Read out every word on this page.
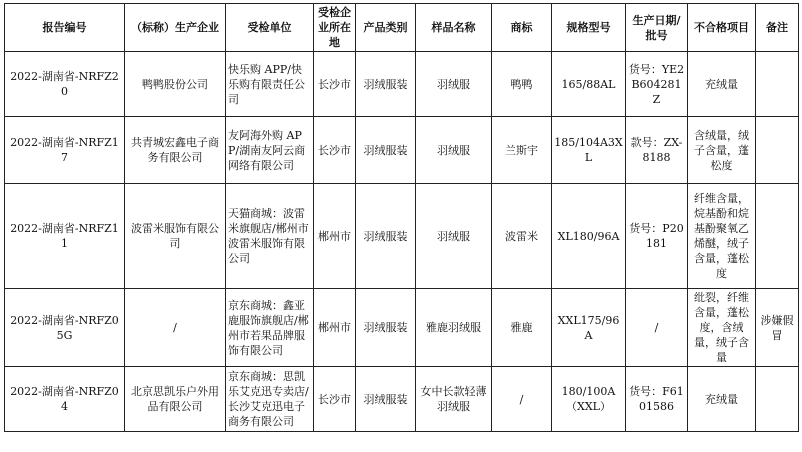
报告编号	（标称）生产企业	受检单位	受检企业所在地	产品类别	样品名称	商标	规格型号	生产日期/批号	不合格项目	备注
2022-湖南省-NRFZ20	鸭鸭股份公司	快乐购 APP/快乐购有限责任公司	长沙市	羽绒服装	羽绒服	鸭鸭	165/88AL	货号：YE2B604281Z	充绒量	
2022-湖南省-NRFZ17	共青城宏鑫电子商务有限公司	友阿海外购 APP/湖南友阿云商网络有限公司	长沙市	羽绒服装	羽绒服	兰斯宇	185/104A3XL	款号：ZX-8188	含绒量，绒子含量，蓬松度	
2022-湖南省-NRFZ11	波雷米服饰有限公司	天猫商城：波雷米旗舰店/郴州市波雷米服饰有限公司	郴州市	羽绒服装	羽绒服	波雷米	XL180/96A	货号：P20181	纤维含量，烷基酚和烷基酚聚氧乙烯醚，绒子含量，蓬松度	
2022-湖南省-NRFZ05G	/	京东商城：鑫亚鹿服饰旗舰店/郴州市若果品牌服饰有限公司	郴州市	羽绒服装	雅鹿羽绒服	雅鹿	XXL175/96A	/	纰裂，纤维含量，蓬松度，含绒量，绒子含量	涉嫌假冒
2022-湖南省-NRFZ04	北京思凯乐户外用品有限公司	京东商城：思凯乐艾克迅专卖店/长沙艾克迅电子商务有限公司	长沙市	羽绒服装	女中长款轻薄羽绒服	/	180/100A（XXL）	货号：F6101586	充绒量	
